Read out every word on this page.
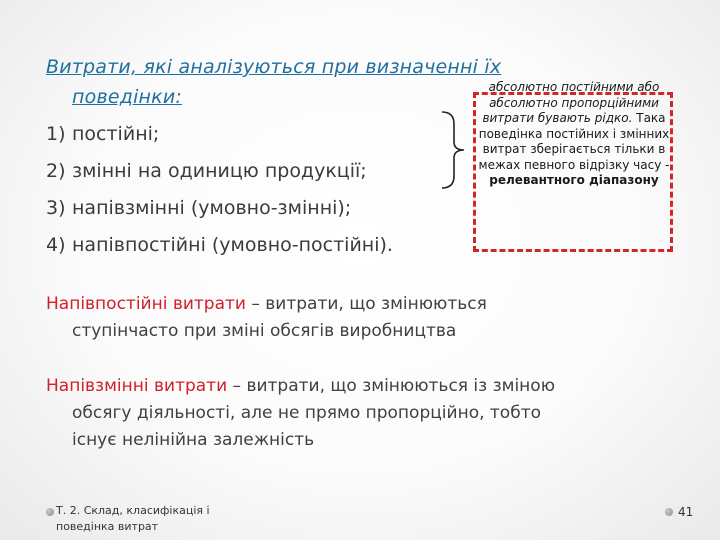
Витрати, які аналізуються при визначенні їх
поведінки:
1) постійні;
2) змінні на одиницю продукції;
3) напівзмінні (умовно-змінні);
4) напівпостійні (умовно-постійні).
абсолютно постійними або абсолютно пропорційними витрати бувають рідко. Така поведінка постійних і змінних витрат зберігається тільки в межах певного відрізку часу - релевантного діапазону
Напівпостійні витрати – витрати, що змінюються
ступінчасто при зміні обсягів виробництва
Напівзмінні витрати – витрати, що змінюються із зміною
обсягу діяльності, але не прямо пропорційно, тобто
існує нелінійна залежність
Т. 2. Склад, класифікація і поведінка витрат
41
